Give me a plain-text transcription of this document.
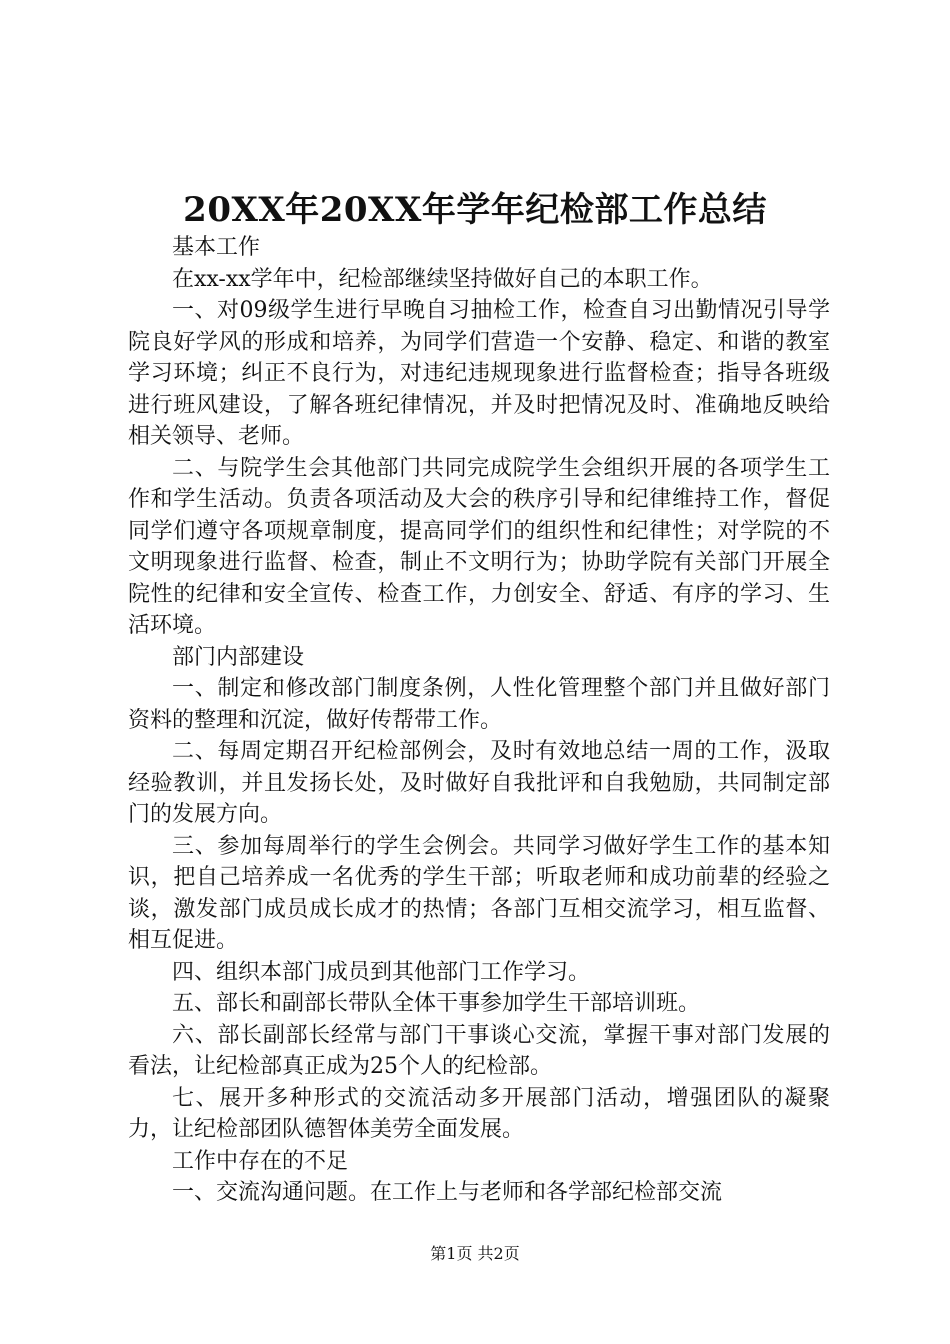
20XX年20XX年学年纪检部工作总结

基本工作

在xx-xx学年中，纪检部继续坚持做好自己的本职工作。

一、对09级学生进行早晚自习抽检工作，检查自习出勤情况引导学院良好学风的形成和培养，为同学们营造一个安静、稳定、和谐的教室学习环境；纠正不良行为，对违纪违规现象进行监督检查；指导各班级进行班风建设，了解各班纪律情况，并及时把情况及时、准确地反映给相关领导、老师。

二、与院学生会其他部门共同完成院学生会组织开展的各项学生工作和学生活动。负责各项活动及大会的秩序引导和纪律维持工作，督促同学们遵守各项规章制度，提高同学们的组织性和纪律性；对学院的不文明现象进行监督、检查，制止不文明行为；协助学院有关部门开展全院性的纪律和安全宣传、检查工作，力创安全、舒适、有序的学习、生活环境。

部门内部建设

一、制定和修改部门制度条例，人性化管理整个部门并且做好部门资料的整理和沉淀，做好传帮带工作。

二、每周定期召开纪检部例会，及时有效地总结一周的工作，汲取经验教训，并且发扬长处，及时做好自我批评和自我勉励，共同制定部门的发展方向。

三、参加每周举行的学生会例会。共同学习做好学生工作的基本知识，把自己培养成一名优秀的学生干部；听取老师和成功前辈的经验之谈，激发部门成员成长成才的热情；各部门互相交流学习，相互监督、相互促进。

四、组织本部门成员到其他部门工作学习。

五、部长和副部长带队全体干事参加学生干部培训班。

六、部长副部长经常与部门干事谈心交流，掌握干事对部门发展的看法，让纪检部真正成为25个人的纪检部。

七、展开多种形式的交流活动多开展部门活动，增强团队的凝聚力，让纪检部团队德智体美劳全面发展。

工作中存在的不足

一、交流沟通问题。在工作上与老师和各学部纪检部交流

第1页 共2页
